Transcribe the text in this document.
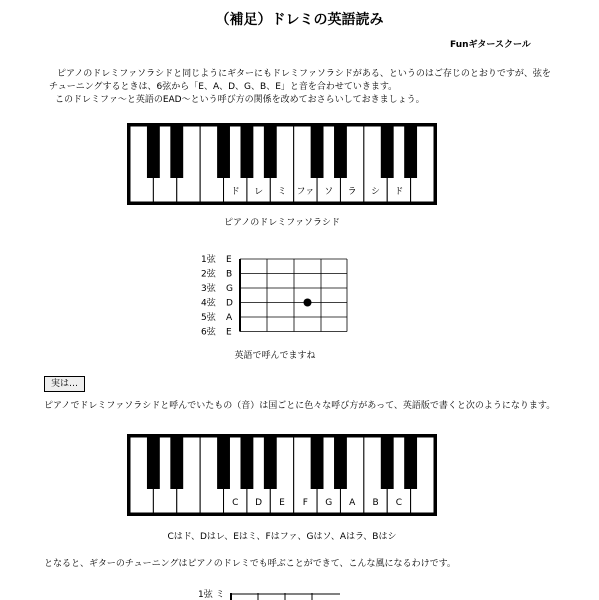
（補足）ドレミの英語読み
Funギタースクール
ピアノのドレミファソラシドと同じようにギターにもドレミファソラシドがある、というのはご存じのとおりですが、弦を
チューニングするときは、6弦から「E、A、D、G、B、E」と音を合わせていきます。
このドレミファ～と英語のEAD～という呼び方の関係を改めておさらいしておきましょう。
ド レ ミ ファ ソ ラ シ ド
ピアノのドレミファソラシド
1弦 E
2弦 B
3弦 G
4弦 D
5弦 A
6弦 E
英語で呼んでますね
実は…
ピアノでドレミファソラシドと呼んでいたもの（音）は国ごとに色々な呼び方があって、英語版で書くと次のようになります。
C D E F G A B C
Cはド、Dはレ、Eはミ、Fはファ、Gはソ、Aはラ、Bはシ
となると、ギターのチューニングはピアノのドレミでも呼ぶことができて、こんな風になるわけです。
1弦 ミ
